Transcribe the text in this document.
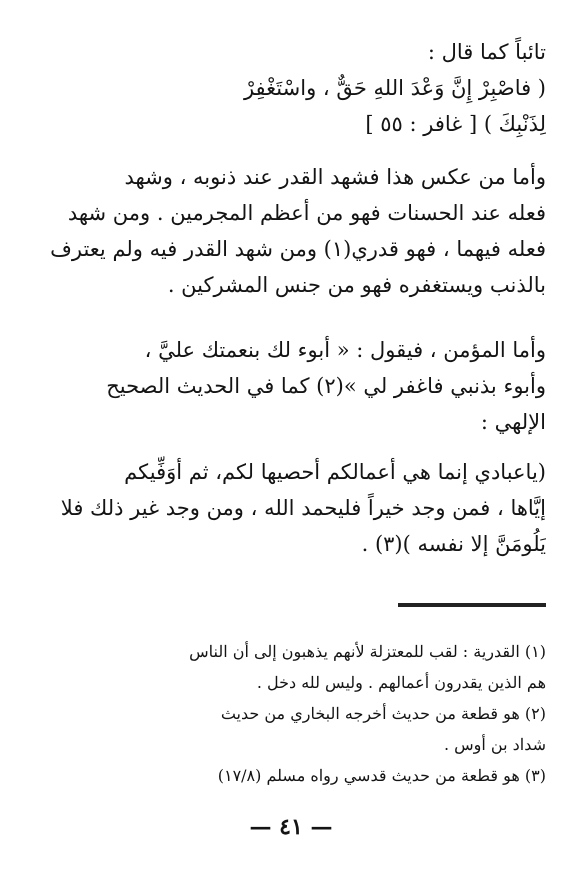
تائباً كما قال :
( فاصْبِرْ إِنَّ وَعْدَ اللهِ حَقٌّ ، واسْتَغْفِرْ
لِذَنْبِكَ ) [ غافر : ٥٥ ]
وأما من عكس هذا فشهد القدر عند ذنوبه ، وشهد
فعله عند الحسنات فهو من أعظم المجرمين . ومن شهد
فعله فيهما ، فهو قدري(١) ومن شهد القدر فيه ولم يعترف
بالذنب ويستغفره فهو من جنس المشركين .
وأما المؤمن ، فيقول : « أبوء لك بنعمتك عليَّ ،
وأبوء بذنبي فاغفر لي »(٢) كما في الحديث الصحيح
الإلهي :
(ياعبادي إنما هي أعمالكم أحصيها لكم، ثم أوَفِّيكم
إيَّاها ، فمن وجد خيراً فليحمد الله ، ومن وجد غير ذلك فلا
يَلُومَنَّ إلا نفسه )(٣) .
(١) القدرية : لقب للمعتزلة لأنهم يذهبون إلى أن الناس
هم الذين يقدرون أعمالهم . وليس لله دخل .
(٢) هو قطعة من حديث أخرجه البخاري من حديث
شداد بن أوس .
(٣) هو قطعة من حديث قدسي رواه مسلم (١٧/٨)
— ٤١ —
